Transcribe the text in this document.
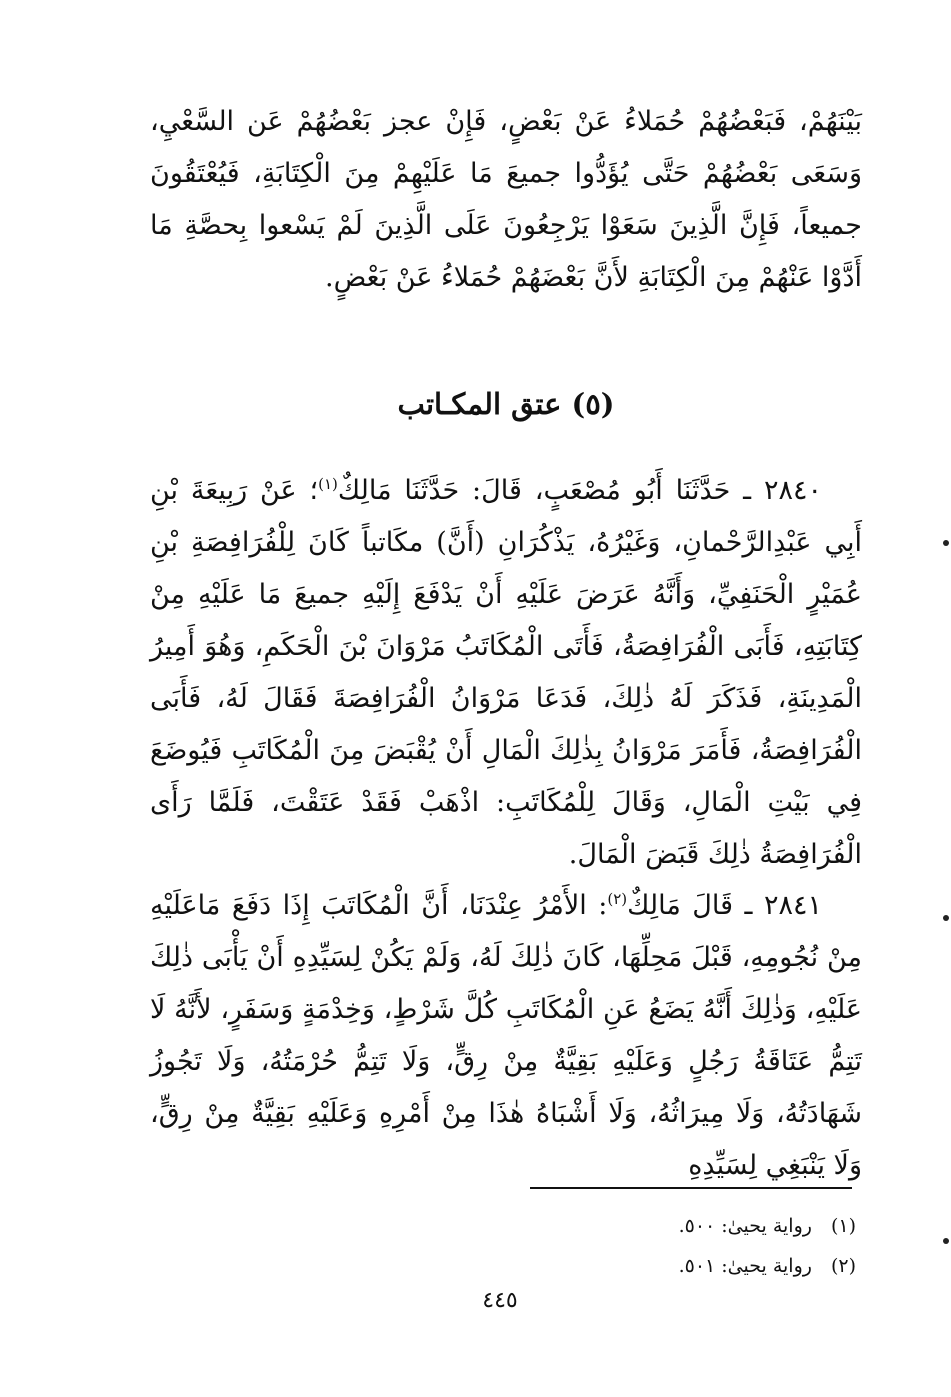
بَيْنَهُمْ، فَبَعْضُهُمْ حُمَلاءُ عَنْ بَعْضٍ، فَإِنْ عجز بَعْضُهُمْ عَن السَّعْيِ، وَسَعَى بَعْضُهُمْ حَتَّى يُؤَدُّوا جميعَ مَا عَلَيْهِمْ مِنَ الْكِتَابَةِ، فَيُعْتَقُونَ جميعاً، فَإِنَّ الَّذِينَ سَعَوْا يَرْجِعُونَ عَلَى الَّذِينَ لَمْ يَسْعوا بِحصَّةِ مَا أَدَّوْا عَنْهُمْ مِنَ الْكِتَابَةِ لأَنَّ بَعْضَهُمْ حُمَلاءُ عَنْ بَعْضٍ.

(٥) عتق المكـاتب

٢٨٤٠ ـ حَدَّثَنَا أَبُو مُصْعَبٍ، قَالَ: حَدَّثَنَا مَالِكٌ$^{(١)}$؛ عَنْ رَبِيعَةَ بْنِ أَبِي عَبْدِالرَّحْمانِ، وَغَيْرُهُ، يَذْكُرَانِ (أَنَّ) مكَاتباً كَانَ لِلْفُرَافِصَةِ بْنِ عُمَيْرٍ الْحَنَفِيِّ، وَأَنَّهُ عَرَضَ عَلَيْهِ أَنْ يَدْفَعَ إِلَيْهِ جميعَ مَا عَلَيْهِ مِنْ كِتَابَتِهِ، فَأَبَى الْفُرَافِصَةُ، فَأَتَى الْمُكَاتَبُ مَرْوَانَ بْنَ الْحَكَمِ، وَهُوَ أَمِيرُ الْمَدِينَةِ، فَذَكَرَ لَهُ ذٰلِكَ، فَدَعَا مَرْوَانُ الْفُرَافِصَةَ فَقَالَ لَهُ، فَأَبَى الْفُرَافِصَةُ، فَأَمَرَ مَرْوَانُ بِذٰلِكَ الْمَالِ أَنْ يُقْبَضَ مِنَ الْمُكَاتَبِ فَيُوضَعَ فِي بَيْتِ الْمَالِ، وَقَالَ لِلْمُكَاتَبِ: اذْهَبْ فَقَدْ عَتَقْتَ، فَلَمَّا رَأَى الْفُرَافِصَةُ ذٰلِكَ قَبَضَ الْمَالَ.

٢٨٤١ ـ قَالَ مَالِكٌ$^{(٢)}$: الأَمْرُ عِنْدَنَا، أَنَّ الْمُكَاتَبَ إِذَا دَفَعَ مَاعَلَيْهِ مِنْ نُجُومِهِ، قَبْلَ مَحِلِّهَا، كَانَ ذٰلِكَ لَهُ، وَلَمْ يَكُنْ لِسَيِّدِهِ أَنْ يَأْبَى ذٰلِكَ عَلَيْهِ، وَذٰلِكَ أَنَّهُ يَضَعُ عَنِ الْمُكَاتَبِ كُلَّ شَرْطٍ، وَخِدْمَةٍ وَسَفَرٍ، لأَنَّهُ لَا تَتِمُّ عَتَاقَةُ رَجُلٍ وَعَلَيْهِ بَقِيَّةٌ مِنْ رِقٍّ، وَلَا تَتِمُّ حُرْمَتُهُ، وَلَا تَجُوزُ شَهَادَتُهُ، وَلَا مِيرَاثُهُ، وَلَا أَشْبَاهُ هٰذَا مِنْ أَمْرِهِ وَعَلَيْهِ بَقِيَّةٌ مِنْ رِقٍّ، وَلَا يَنْبَغِي لِسَيِّدِهِ

(١) رواية يحيىٰ: ٥٠٠.
(٢) رواية يحيىٰ: ٥٠١.
٤٤٥
